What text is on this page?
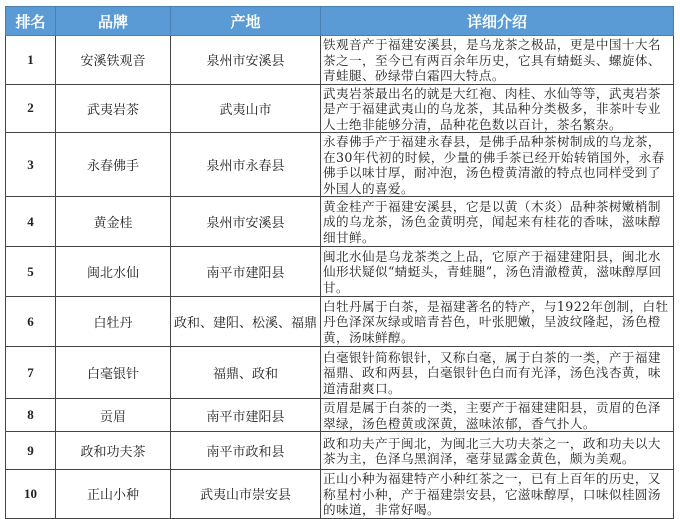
排名	品牌	产地	详细介绍
1	安溪铁观音	泉州市安溪县	铁观音产于福建安溪县，是乌龙茶之极品，更是中国十大名茶之一，至今已有两百余年历史，它具有蜻蜓头、螺旋体、青蛙腿、砂绿带白霜四大特点。
2	武夷岩茶	武夷山市	武夷岩茶最出名的就是大红袍、肉桂、水仙等等，武夷岩茶是产于福建武夷山的乌龙茶，其品种分类极多，非茶叶专业人士绝非能够分清，品种花色数以百计，茶名繁杂。
3	永春佛手	泉州市永春县	永春佛手产于福建永春县，是佛手品种茶树制成的乌龙茶，在30年代初的时候，少量的佛手茶已经开始转销国外，永春佛手以味甘厚，耐冲泡，汤色橙黄清澈的特点也同样受到了外国人的喜爱。
4	黄金桂	泉州市安溪县	黄金桂产于福建安溪县，它是以黄（木炎）品种茶树嫩梢制成的乌龙茶，汤色金黄明亮，闻起来有桂花的香味，滋味醇细甘鲜。
5	闽北水仙	南平市建阳县	闽北水仙是乌龙茶类之上品，它原产于福建建阳县，闽北水仙形状疑似“蜻蜓头，青蛙腿”，汤色清澈橙黄，滋味醇厚回甘。
6	白牡丹	政和、建阳、松溪、福鼎	白牡丹属于白茶，是福建著名的特产，与1922年创制，白牡丹色泽深灰绿或暗青苔色，叶张肥嫩，呈波纹隆起，汤色橙黄，汤味鲜醇。
7	白毫银针	福鼎、政和	白毫银针简称银针，又称白毫，属于白茶的一类，产于福建福鼎、政和两县，白毫银针色白而有光泽，汤色浅杏黄，味道清甜爽口。
8	贡眉	南平市建阳县	贡眉是属于白茶的一类，主要产于福建建阳县，贡眉的色泽翠绿，汤色橙黄或深黄，滋味浓郁，香气扑人。
9	政和功夫茶	南平市政和县	政和功夫产于闽北，为闽北三大功夫茶之一，政和功夫以大茶为主，色泽乌黑润泽，毫芽显露金黄色，颇为美观。
10	正山小种	武夷山市崇安县	正山小种为福建特产小种红茶之一，已有上百年的历史，又称星村小种，产于福建崇安县，它滋味醇厚，口味似桂圆汤的味道，非常好喝。
